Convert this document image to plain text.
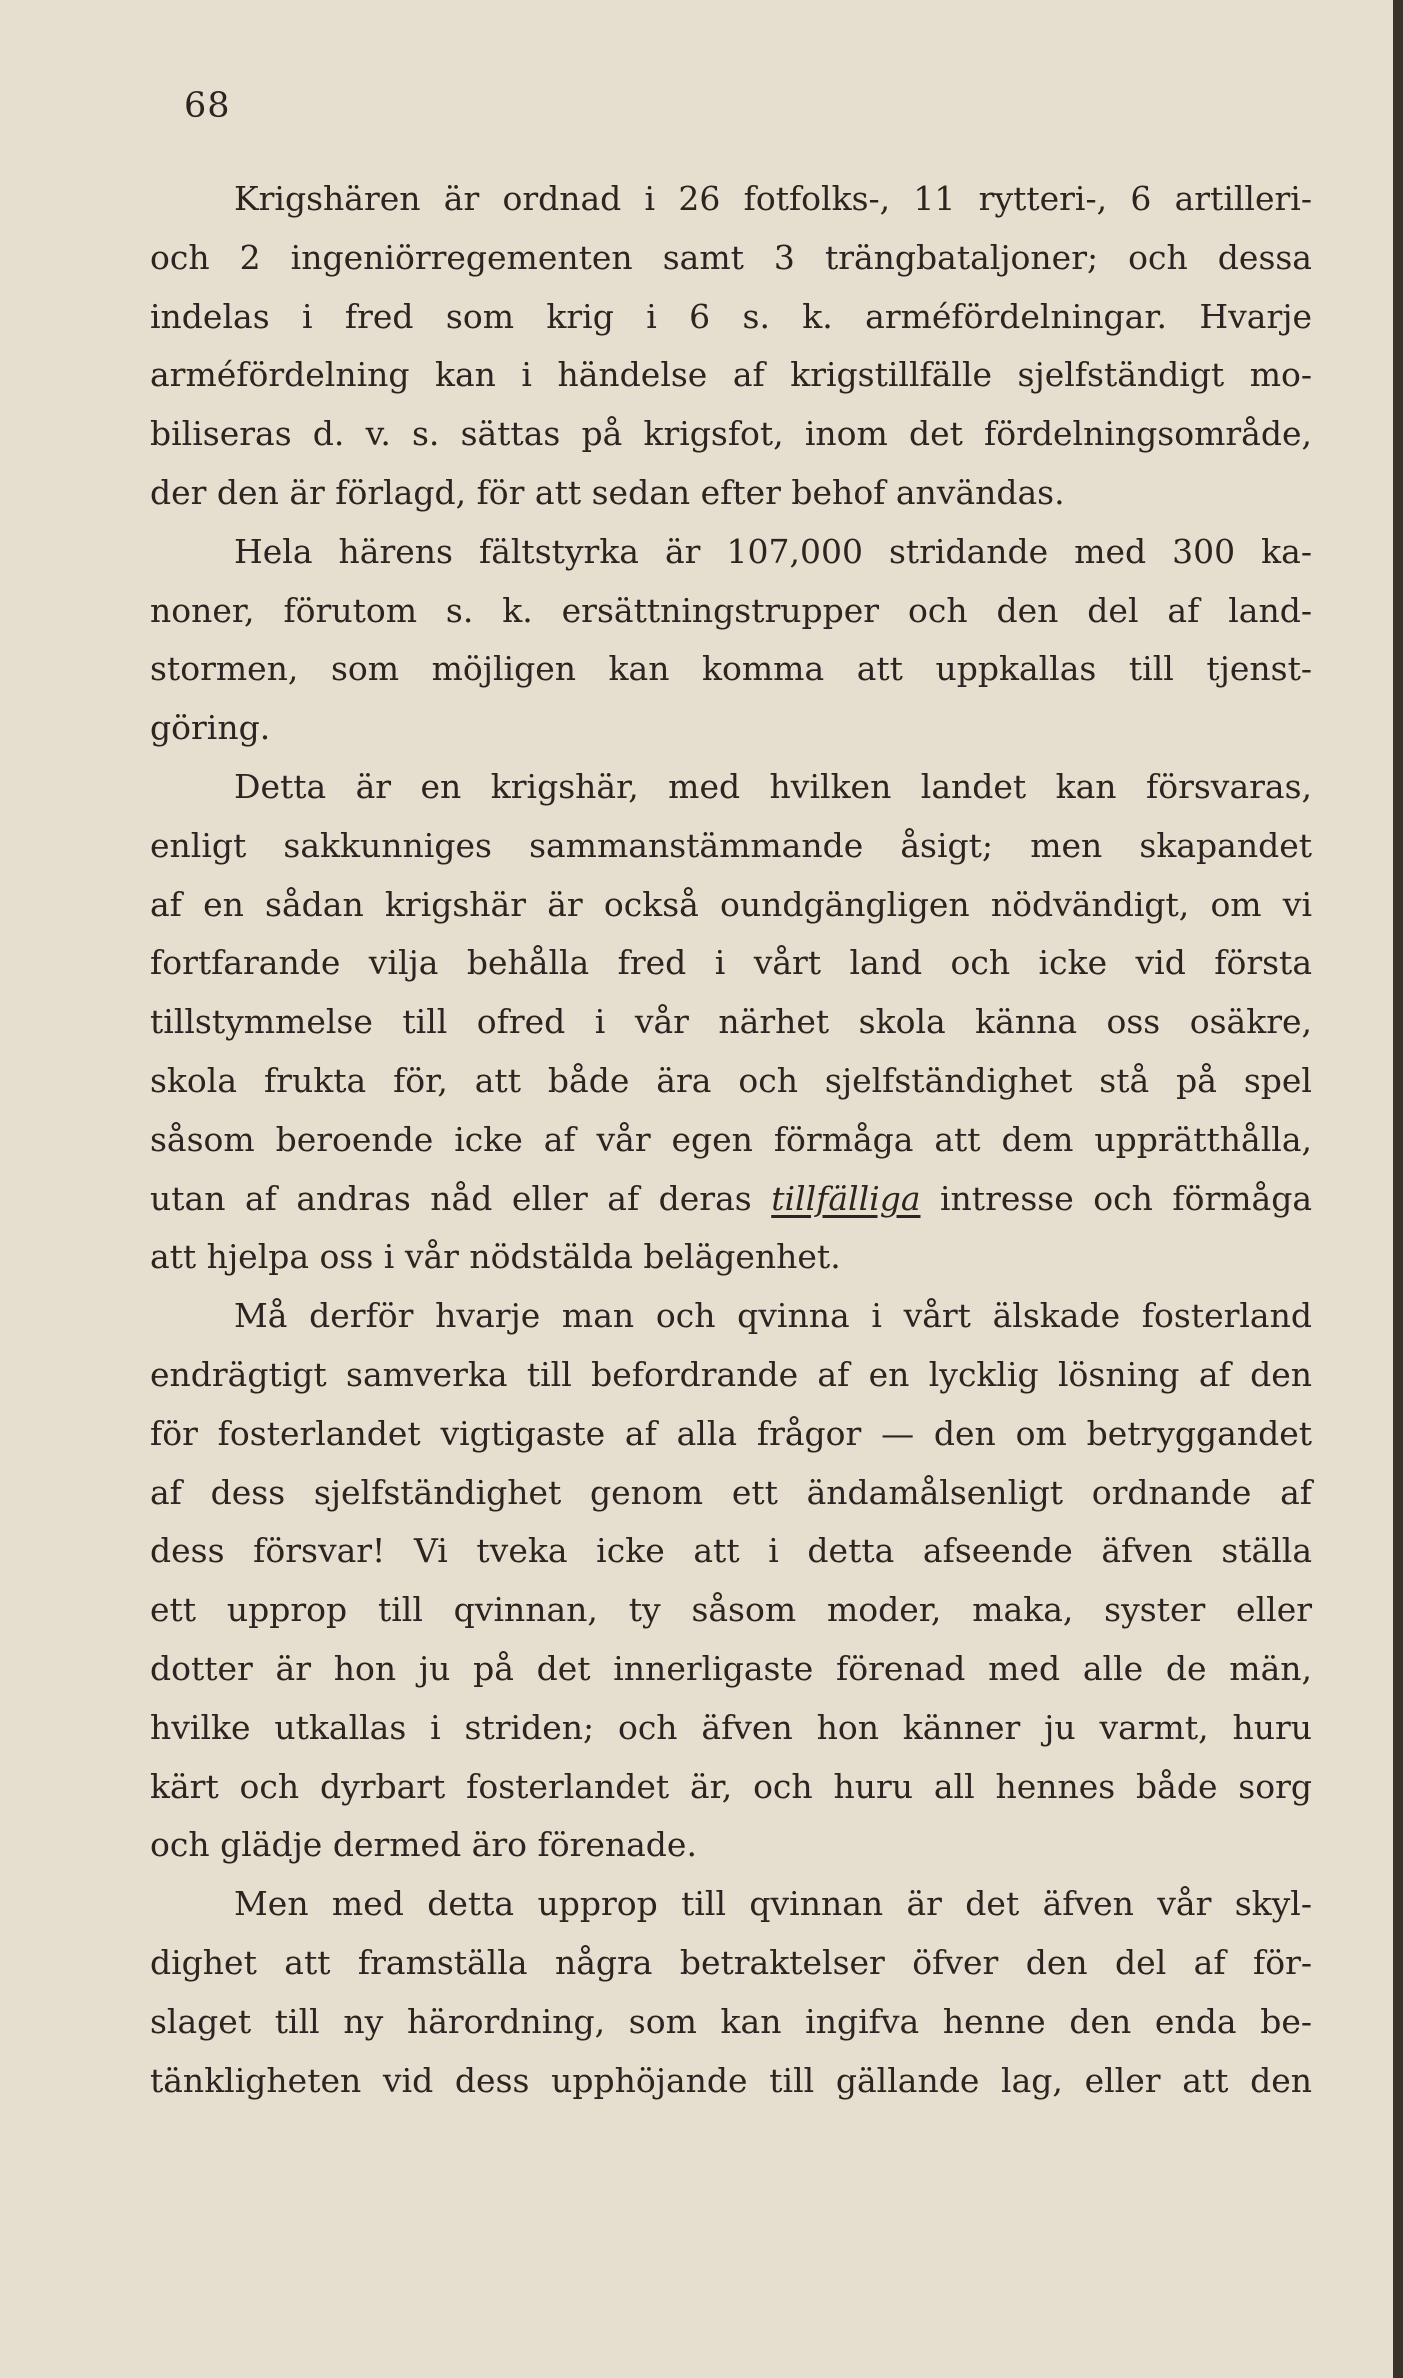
68
Krigshären är ordnad i 26 fotfolks-, 11 rytteri-, 6 artilleri-
och 2 ingeniörregementen samt 3 trängbataljoner; och dessa
indelas i fred som krig i 6 s. k. arméfördelningar. Hvarje
arméfördelning kan i händelse af krigstillfälle sjelfständigt mo-
biliseras d. v. s. sättas på krigsfot, inom det fördelningsområde,
der den är förlagd, för att sedan efter behof användas.
Hela härens fältstyrka är 107,000 stridande med 300 ka-
noner, förutom s. k. ersättningstrupper och den del af land-
stormen, som möjligen kan komma att uppkallas till tjenst-
göring.
Detta är en krigshär, med hvilken landet kan försvaras,
enligt sakkunniges sammanstämmande åsigt; men skapandet
af en sådan krigshär är också oundgängligen nödvändigt, om vi
fortfarande vilja behålla fred i vårt land och icke vid första
tillstymmelse till ofred i vår närhet skola känna oss osäkre,
skola frukta för, att både ära och sjelfständighet stå på spel
såsom beroende icke af vår egen förmåga att dem upprätthålla,
utan af andras nåd eller af deras tillfälliga intresse och förmåga
att hjelpa oss i vår nödstälda belägenhet.
Må derför hvarje man och qvinna i vårt älskade fosterland
endrägtigt samverka till befordrande af en lycklig lösning af den
för fosterlandet vigtigaste af alla frågor — den om betryggandet
af dess sjelfständighet genom ett ändamålsenligt ordnande af
dess försvar! Vi tveka icke att i detta afseende äfven ställa
ett upprop till qvinnan, ty såsom moder, maka, syster eller
dotter är hon ju på det innerligaste förenad med alle de män,
hvilke utkallas i striden; och äfven hon känner ju varmt, huru
kärt och dyrbart fosterlandet är, och huru all hennes både sorg
och glädje dermed äro förenade.
Men med detta upprop till qvinnan är det äfven vår skyl-
dighet att framställa några betraktelser öfver den del af för-
slaget till ny härordning, som kan ingifva henne den enda be-
tänkligheten vid dess upphöjande till gällande lag, eller att den
